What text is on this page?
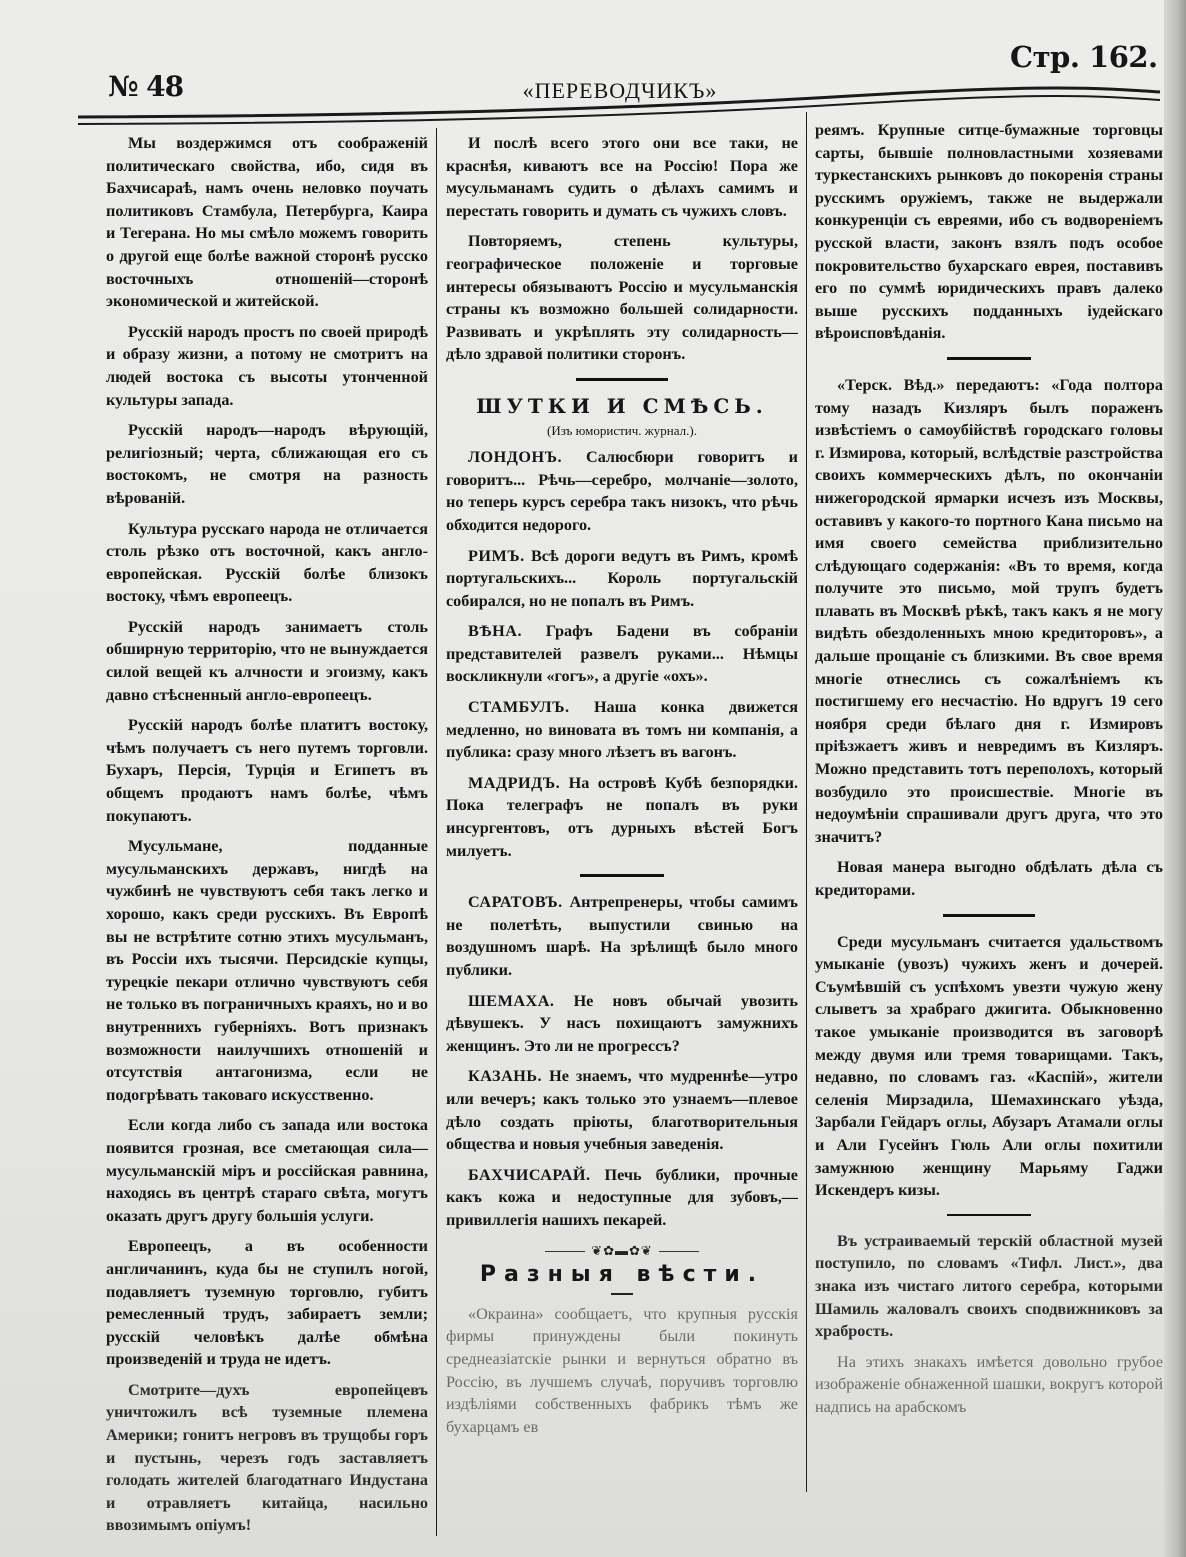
№ 48	«ПЕРЕВОДЧИКЪ»
Стр. 162.

Мы воздержимся отъ соображеній политическаго свойства, ибо, сидя въ Бахчисараѣ, намъ очень неловко поучать политиковъ Стамбула, Петербурга, Каира и Тегерана. Но мы смѣло можемъ говорить о другой еще болѣе важной сторонѣ русско восточныхъ отношеній—сторонѣ экономической и житейской.

Русскій народъ простъ по своей природѣ и образу жизни, а потому не смотритъ на людей востока съ высоты утонченной культуры запада.

Русскій народъ—народъ вѣрующій, религіозный; черта, сближающая его съ востокомъ, не смотря на разность вѣрованій.

Культура русскаго народа не отличается столь рѣзко отъ восточной, какъ англо-европейская. Русскій болѣе близокъ востоку, чѣмъ европеецъ.

Русскій народъ занимаетъ столь обширную территорію, что не вынуждается силой вещей къ алчности и эгоизму, какъ давно стѣсненный англо-европеецъ.

Русскій народъ болѣе платитъ востоку, чѣмъ получаетъ съ него путемъ торговли. Бухаръ, Персія, Турція и Египетъ въ общемъ продаютъ намъ болѣе, чѣмъ покупаютъ.

Мусульмане, подданные мусульманскихъ державъ, нигдѣ на чужбинѣ не чувствуютъ себя такъ легко и хорошо, какъ среди русскихъ. Въ Европѣ вы не встрѣтите сотню этихъ мусульманъ, въ Россіи ихъ тысячи. Персидскіе купцы, турецкіе пекари отлично чувствуютъ себя не только въ пограничныхъ краяхъ, но и во внутреннихъ губерніяхъ. Вотъ признакъ возможности наилучшихъ отношеній и отсутствія антагонизма, если не подогрѣвать таковаго искусственно.

Если когда либо съ запада или востока появится грозная, все сметающая сила—мусульманскій міръ и россійская равнина, находясь въ центрѣ стараго свѣта, могутъ оказать другъ другу большія услуги.

Европеецъ, а въ особенности англичанинъ, куда бы не ступилъ ногой, подавляетъ туземную торговлю, губитъ ремесленный трудъ, забираетъ земли; русскій человѣкъ далѣе обмѣна произведеній и труда не идетъ.

Смотрите—духъ европейцевъ уничтожилъ всѣ туземные племена Америки; гонитъ негровъ въ трущобы горъ и пустынь, черезъ годъ заставляетъ голодать жителей благодатнаго Индустана и отравляетъ китайца, насильно ввозимымъ опіумъ!

И послѣ всего этого они все таки, не краснѣя, киваютъ все на Россію! Пора же мусульманамъ судить о дѣлахъ самимъ и перестать говорить и думать съ чужихъ словъ.

Повторяемъ, степень культуры, географическое положеніе и торговые интересы обязываютъ Россію и мусульманскія страны къ возможно большей солидарности. Развивать и укрѣплять эту солидарность—дѣло здравой политики сторонъ.

ШУТКИ И СМѢСЬ.
(Изъ юмористич. журнал.).

ЛОНДОНЪ. Салюсбюри говоритъ и говоритъ... Рѣчь—серебро, молчаніе—золото, но теперь курсъ серебра такъ низокъ, что рѣчь обходится недорого.

РИМЪ. Всѣ дороги ведутъ въ Римъ, кромѣ португальскихъ... Король португальскій собирался, но не попалъ въ Римъ.

ВѢНА. Графъ Бадени въ собраніи представителей развелъ руками... Нѣмцы воскликнули «гогъ», а другіе «охъ».

СТАМБУЛЪ. Наша конка движется медленно, но виновата въ томъ ни компанія, а публика: сразу много лѣзетъ въ вагонъ.

МАДРИДЪ. На островѣ Кубѣ безпорядки. Пока телеграфъ не попалъ въ руки инсургентовъ, отъ дурныхъ вѣстей Богъ милуетъ.

САРАТОВЪ. Антрепренеры, чтобы самимъ не полетѣть, выпустили свинью на воздушномъ шарѣ. На зрѣлищѣ было много публики.

ШЕМАХА. Не новъ обычай увозить дѣвушекъ. У насъ похищаютъ замужнихъ женщинъ. Это ли не прогрессъ?

КАЗАНЬ. Не знаемъ, что мудреннѣе—утро или вечеръ; какъ только это узнаемъ—плевое дѣло создать пріюты, благотворительныя общества и новыя учебныя заведенія.

БАХЧИСАРАЙ. Печь бублики, прочные какъ кожа и недоступные для зубовъ,—привиллегія нашихъ пекарей.

❦✿▬✿❦
Разныя вѣсти.

«Окраина» сообщаетъ, что крупныя русскія фирмы принуждены были покинуть среднеазіатскіе рынки и вернуться обратно въ Россію, въ лучшемъ случаѣ, поручивъ торговлю издѣліями собственныхъ фабрикъ тѣмъ же бухарцамъ ев

реямъ. Крупные ситце-бумажные торговцы сарты, бывшіе полновластными хозяевами туркестанскихъ рынковъ до покоренія страны русскимъ оружіемъ, также не выдержали конкуренціи съ евреями, ибо съ водвореніемъ русской власти, законъ взялъ подъ особое покровительство бухарскаго еврея, поставивъ его по суммѣ юридическихъ правъ далеко выше русскихъ подданныхъ іудейскаго вѣроисповѣданія.

«Терск. Вѣд.» передаютъ: «Года полтора тому назадъ Кизляръ былъ пораженъ извѣстіемъ о самоубійствѣ городскаго головы г. Измирова, который, вслѣдствіе разстройства своихъ коммерческихъ дѣлъ, по окончаніи нижегородской ярмарки исчезъ изъ Москвы, оставивъ у какого-то портного Кана письмо на имя своего семейства приблизительно слѣдующаго содержанія: «Въ то время, когда получите это письмо, мой трупъ будетъ плавать въ Москвѣ рѣкѣ, такъ какъ я не могу видѣть обездоленныхъ мною кредиторовъ», а дальше прощаніе съ близкими. Въ свое время многіе отнеслись съ сожалѣніемъ къ постигшему его несчастію. Но вдругъ 19 сего ноября среди бѣлаго дня г. Измировъ пріѣзжаетъ живъ и невредимъ въ Кизляръ. Можно представить тотъ переполохъ, который возбудило это происшествіе. Многіе въ недоумѣніи спрашивали другъ друга, что это значитъ?

Новая манера выгодно обдѣлать дѣла съ кредиторами.

Среди мусульманъ считается удальствомъ умыканіе (увозъ) чужихъ женъ и дочерей. Съумѣвшій съ успѣхомъ увезти чужую жену слыветъ за храбраго джигита. Обыкновенно такое умыканіе производится въ заговорѣ между двумя или тремя товарищами. Такъ, недавно, по словамъ газ. «Каспій», жители селенія Мирзадила, Шемахинскаго уѣзда, Зарбали Гейдаръ оглы, Абузаръ Атамали оглы и Али Гусейнъ Гюль Али оглы похитили замужнюю женщину Марьяму Гаджи Искендеръ кизы.

Въ устраиваемый терскій областной музей поступило, по словамъ «Тифл. Лист.», два знака изъ чистаго литого серебра, которыми Шамиль жаловалъ своихъ сподвижниковъ за храбрость.

На этихъ знакахъ имѣется довольно грубое изображеніе обнаженной шашки, вокругъ которой надпись на арабскомъ
